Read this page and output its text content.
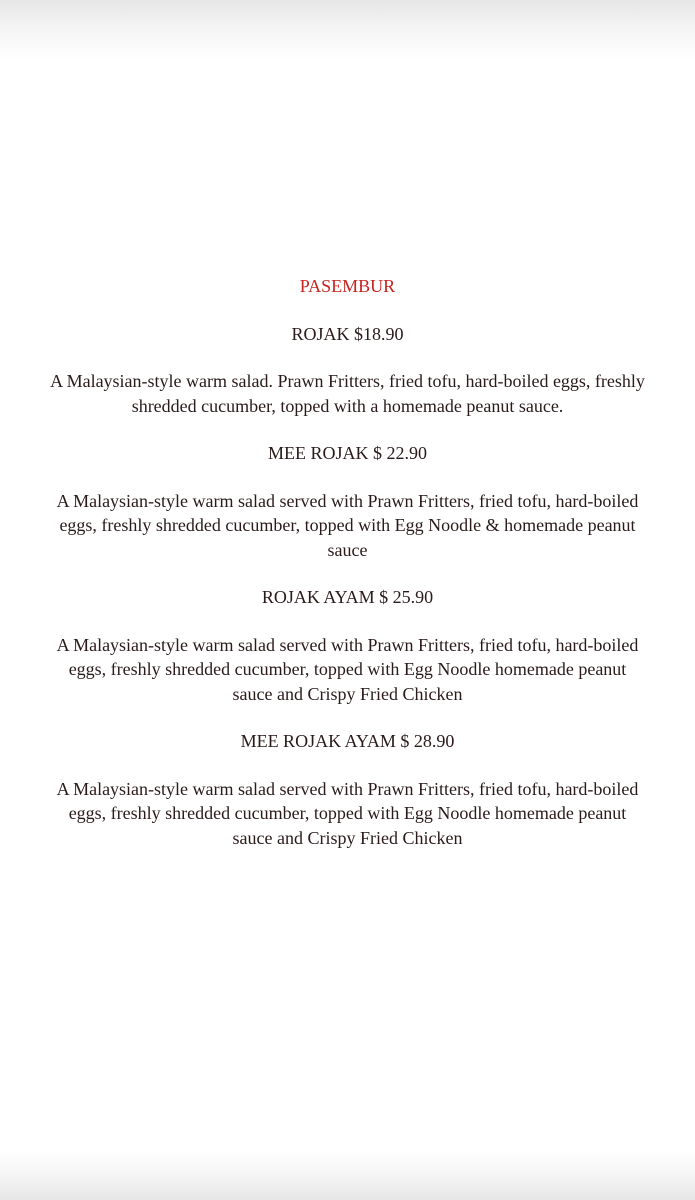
PASEMBUR
ROJAK $18.90
A Malaysian-style warm salad. Prawn Fritters, fried tofu, hard-boiled eggs, freshly shredded cucumber, topped with a homemade peanut sauce.
MEE ROJAK $ 22.90
A Malaysian-style warm salad served with Prawn Fritters, fried tofu, hard-boiled eggs, freshly shredded cucumber, topped with Egg Noodle & homemade peanut sauce
ROJAK AYAM $ 25.90
A Malaysian-style warm salad served with Prawn Fritters, fried tofu, hard-boiled eggs, freshly shredded cucumber, topped with Egg Noodle homemade peanut sauce and Crispy Fried Chicken
MEE ROJAK AYAM $ 28.90
A Malaysian-style warm salad served with Prawn Fritters, fried tofu, hard-boiled eggs, freshly shredded cucumber, topped with Egg Noodle homemade peanut sauce and Crispy Fried Chicken
